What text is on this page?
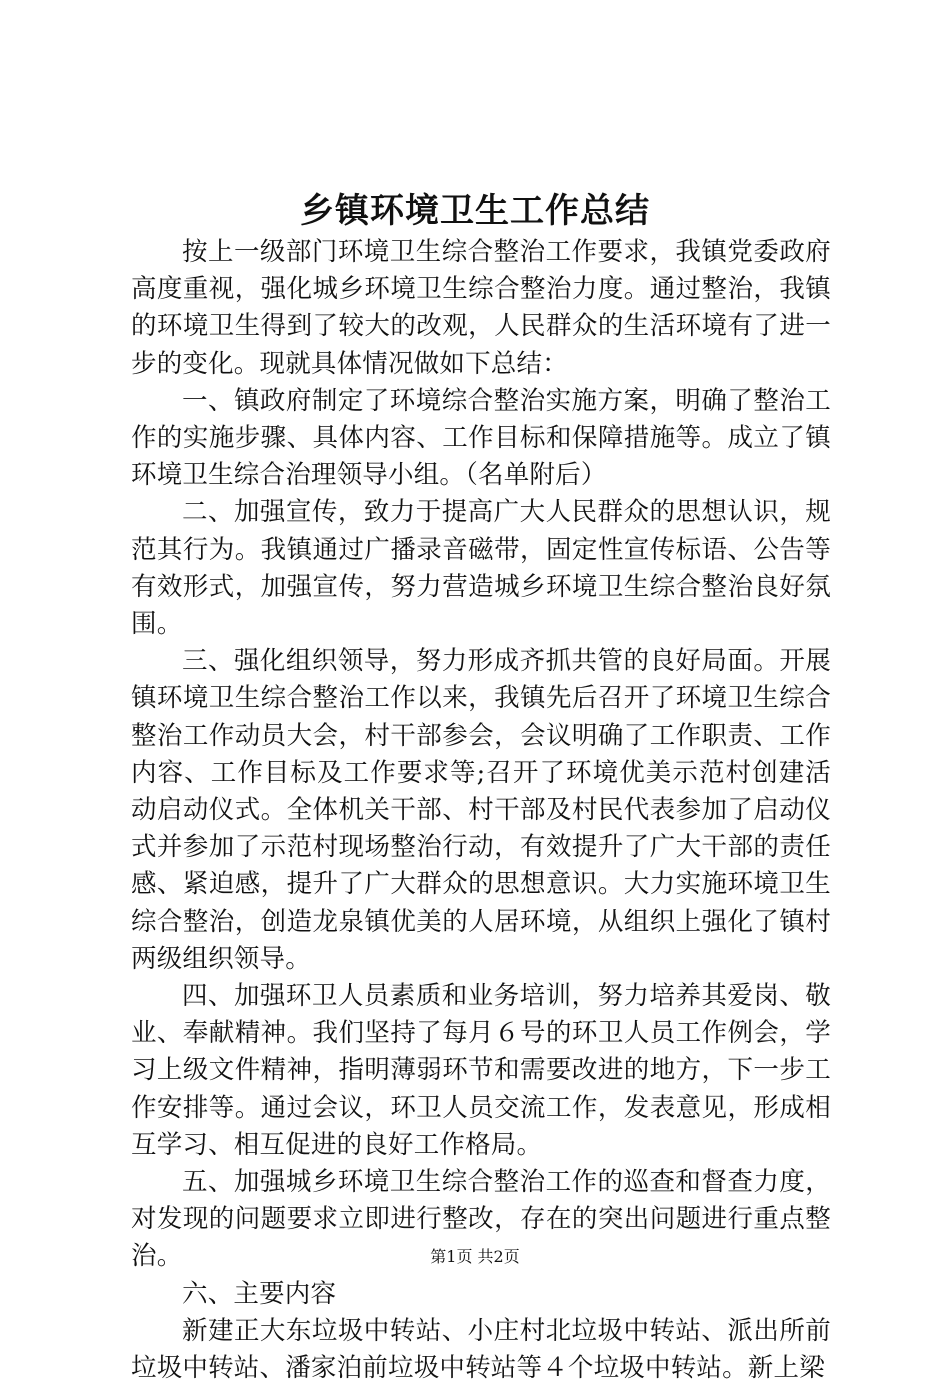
乡镇环境卫生工作总结

按上一级部门环境卫生综合整治工作要求，我镇党委政府高度重视，强化城乡环境卫生综合整治力度。通过整治，我镇的环境卫生得到了较大的改观，人民群众的生活环境有了进一步的变化。现就具体情况做如下总结：

一、镇政府制定了环境综合整治实施方案，明确了整治工作的实施步骤、具体内容、工作目标和保障措施等。成立了镇环境卫生综合治理领导小组。（名单附后）

二、加强宣传，致力于提高广大人民群众的思想认识，规范其行为。我镇通过广播录音磁带，固定性宣传标语、公告等有效形式，加强宣传，努力营造城乡环境卫生综合整治良好氛围。

三、强化组织领导，努力形成齐抓共管的良好局面。开展镇环境卫生综合整治工作以来，我镇先后召开了环境卫生综合整治工作动员大会，村干部参会，会议明确了工作职责、工作内容、工作目标及工作要求等;召开了环境优美示范村创建活动启动仪式。全体机关干部、村干部及村民代表参加了启动仪式并参加了示范村现场整治行动，有效提升了广大干部的责任感、紧迫感，提升了广大群众的思想意识。大力实施环境卫生综合整治，创造龙泉镇优美的人居环境，从组织上强化了镇村两级组织领导。

四、加强环卫人员素质和业务培训，努力培养其爱岗、敬业、奉献精神。我们坚持了每月６号的环卫人员工作例会，学习上级文件精神，指明薄弱环节和需要改进的地方，下一步工作安排等。通过会议，环卫人员交流工作，发表意见，形成相互学习、相互促进的良好工作格局。

五、加强城乡环境卫生综合整治工作的巡查和督查力度，对发现的问题要求立即进行整改，存在的突出问题进行重点整治。

六、主要内容

新建正大东垃圾中转站、小庄村北垃圾中转站、派出所前垃圾中转站、潘家泊前垃圾中转站等４个垃圾中转站。新上梁

第1页 共2页
